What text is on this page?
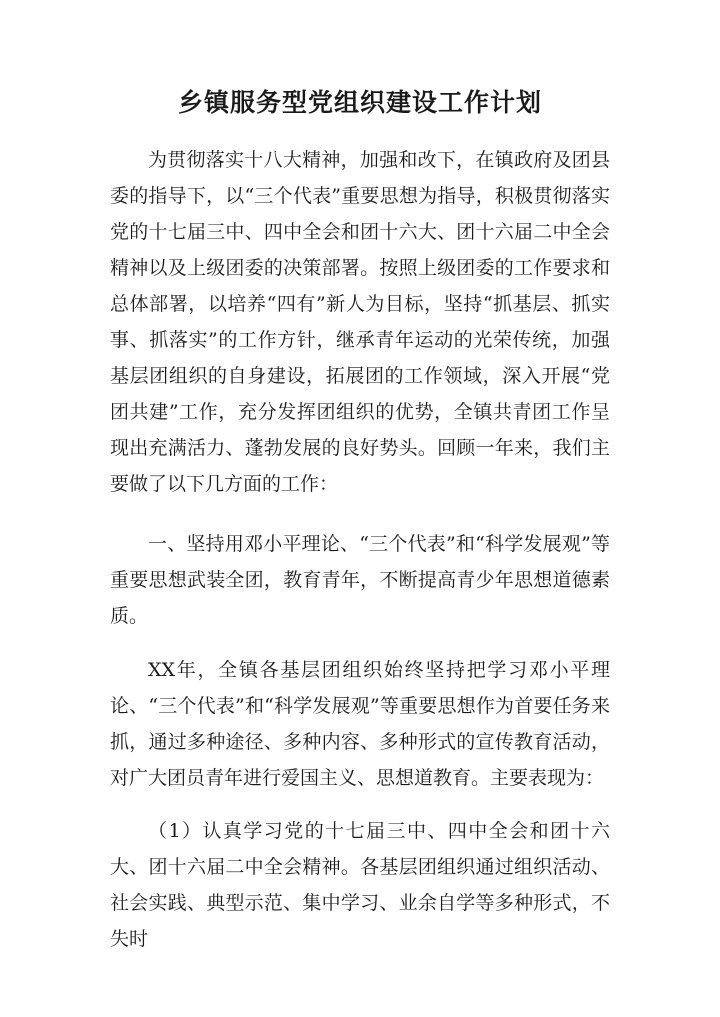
乡镇服务型党组织建设工作计划

为贯彻落实十八大精神，加强和改下，在镇政府及团县委的指导下，以“三个代表”重要思想为指导，积极贯彻落实党的十七届三中、四中全会和团十六大、团十六届二中全会精神以及上级团委的决策部署。按照上级团委的工作要求和总体部署，以培养“四有”新人为目标，坚持“抓基层、抓实事、抓落实”的工作方针，继承青年运动的光荣传统，加强基层团组织的自身建设，拓展团的工作领域，深入开展“党团共建”工作，充分发挥团组织的优势，全镇共青团工作呈现出充满活力、蓬勃发展的良好势头。回顾一年来，我们主要做了以下几方面的工作：

一、坚持用邓小平理论、“三个代表”和“科学发展观”等重要思想武装全团，教育青年，不断提高青少年思想道德素质。

XX年，全镇各基层团组织始终坚持把学习邓小平理论、“三个代表”和“科学发展观”等重要思想作为首要任务来抓，通过多种途径、多种内容、多种形式的宣传教育活动，对广大团员青年进行爱国主义、思想道教育。主要表现为：

（1）认真学习党的十七届三中、四中全会和团十六大、团十六届二中全会精神。各基层团组织通过组织活动、社会实践、典型示范、集中学习、业余自学等多种形式，不失时
